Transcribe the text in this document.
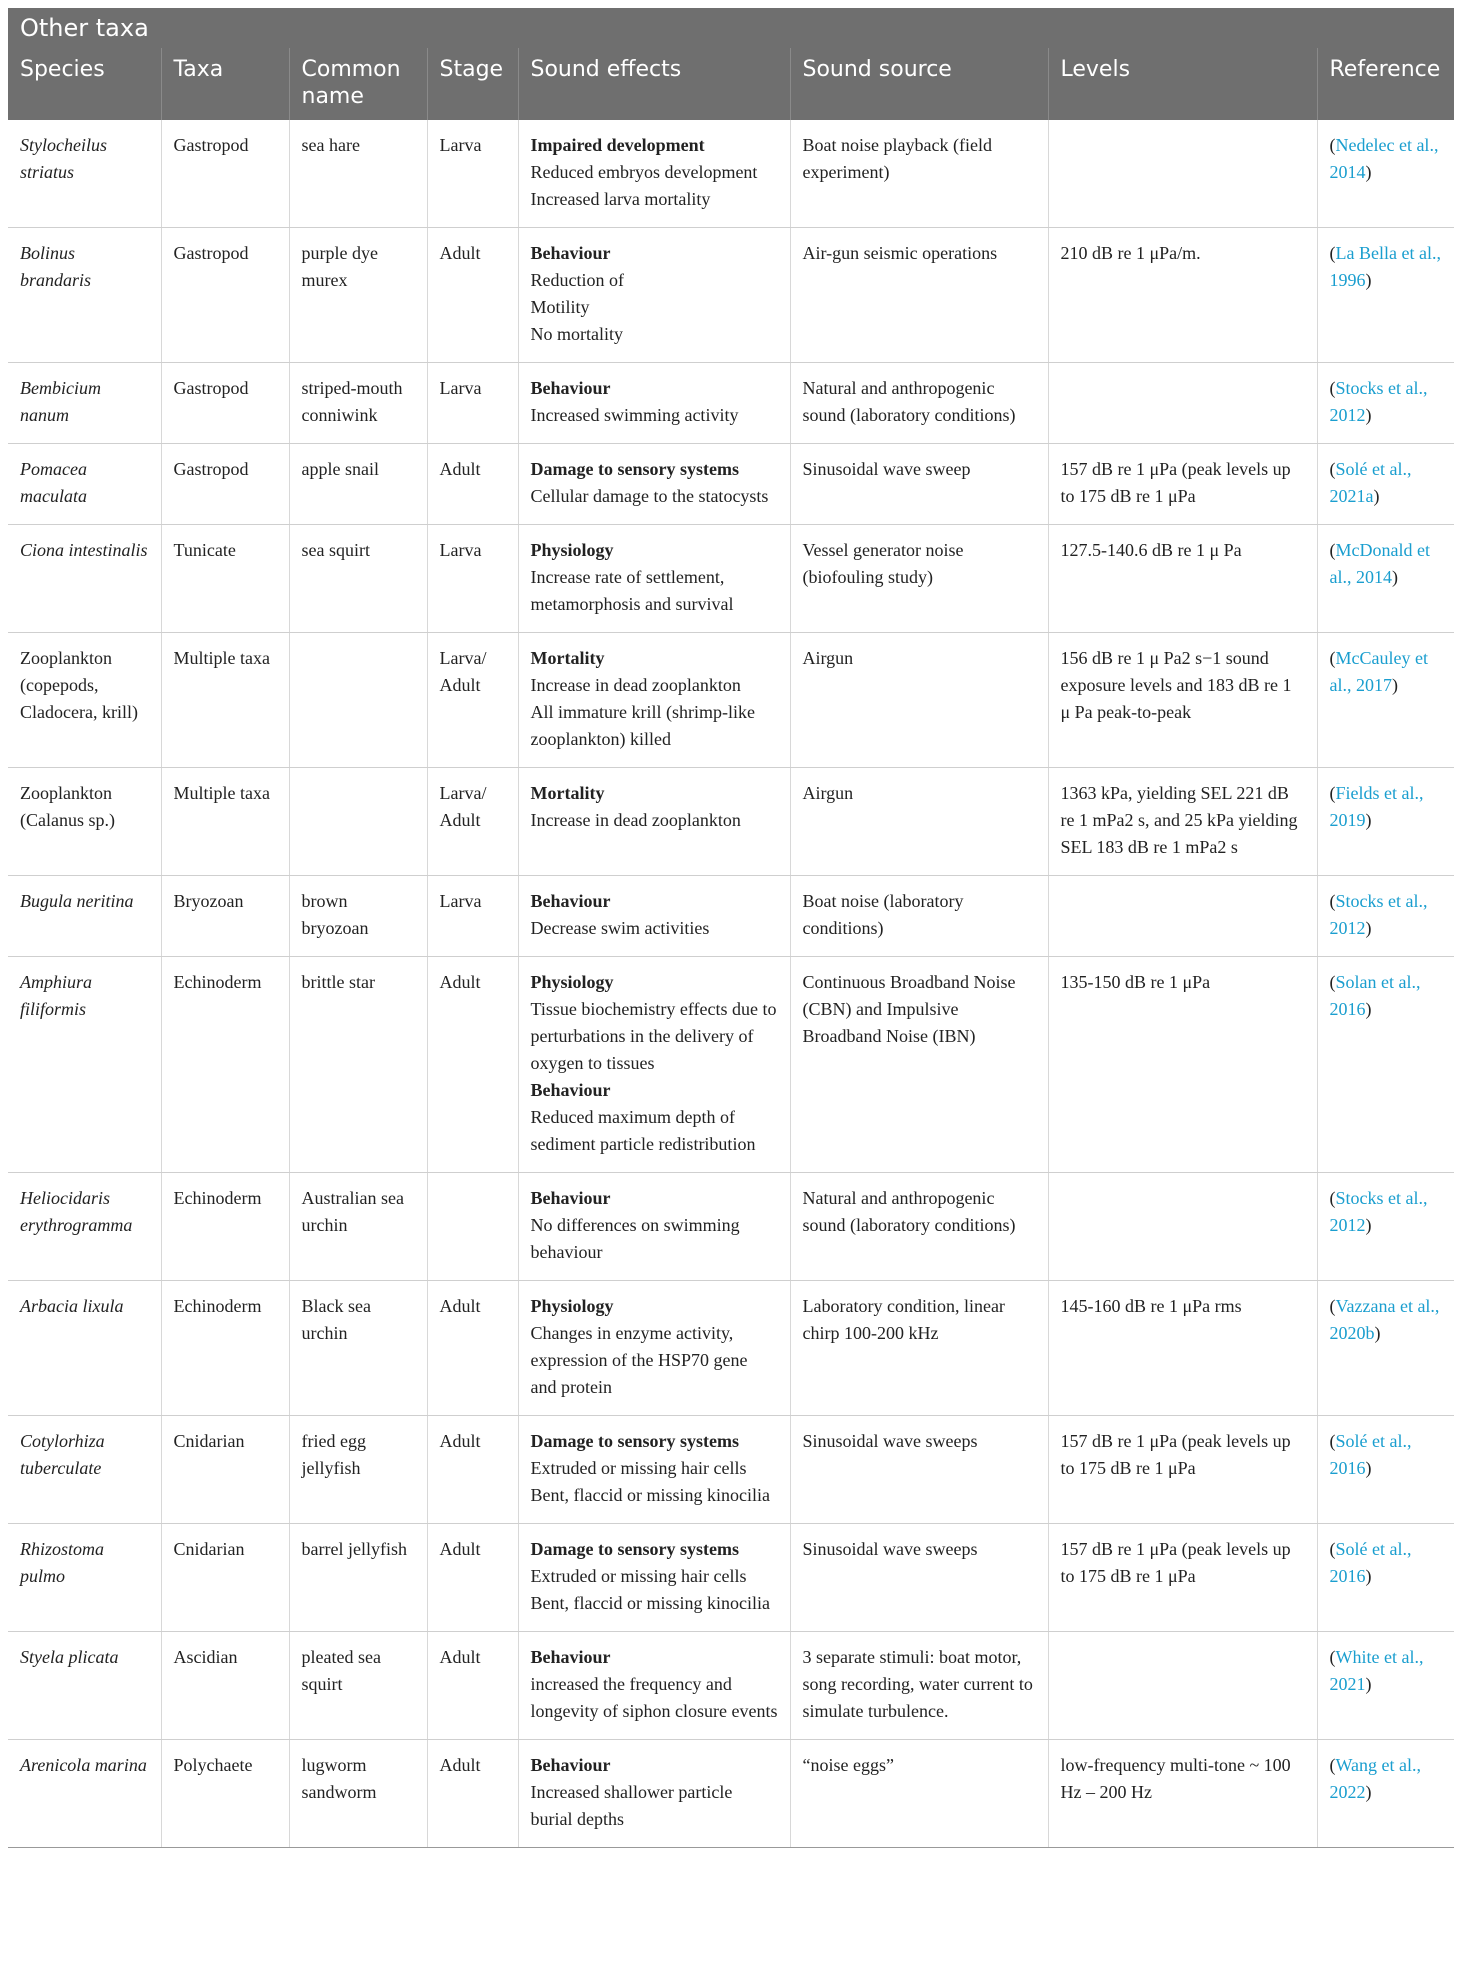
Other taxa							
Species	Taxa	Common name	Stage	Sound effects	Sound source	Levels	Reference
Stylocheilus striatus	Gastropod	sea hare	Larva	Impaired development
Reduced embryos development
Increased larva mortality	Boat noise playback (field experiment)		(Nedelec et al., 2014)
Bolinus brandaris	Gastropod	purple dye murex	Adult	Behaviour
Reduction of
Motility
No mortality	Air-gun seismic operations	210 dB re 1 μPa/m.	(La Bella et al., 1996)
Bembicium nanum	Gastropod	striped-mouth conniwink	Larva	Behaviour
Increased swimming activity	Natural and anthropogenic sound (laboratory conditions)		(Stocks et al., 2012)
Pomacea maculata	Gastropod	apple snail	Adult	Damage to sensory systems
Cellular damage to the statocysts	Sinusoidal wave sweep	157 dB re 1 μPa (peak levels up to 175 dB re 1 μPa	(Solé et al., 2021a)
Ciona intestinalis	Tunicate	sea squirt	Larva	Physiology
Increase rate of settlement, metamorphosis and survival	Vessel generator noise (biofouling study)	127.5-140.6 dB re 1 μ Pa	(McDonald et al., 2014)
Zooplankton (copepods, Cladocera, krill)	Multiple taxa		Larva/ Adult	Mortality
Increase in dead zooplankton
All immature krill (shrimp-like zooplankton) killed	Airgun	156 dB re 1 μ Pa2 s−1 sound exposure levels and 183 dB re 1 μ Pa peak-to-peak	(McCauley et al., 2017)
Zooplankton (Calanus sp.)	Multiple taxa		Larva/ Adult	Mortality
Increase in dead zooplankton	Airgun	1363 kPa, yielding SEL 221 dB re 1 mPa2 s, and 25 kPa yielding SEL 183 dB re 1 mPa2 s	(Fields et al., 2019)
Bugula neritina	Bryozoan	brown bryozoan	Larva	Behaviour
Decrease swim activities	Boat noise (laboratory conditions)		(Stocks et al., 2012)
Amphiura filiformis	Echinoderm	brittle star	Adult	Physiology
Tissue biochemistry effects due to perturbations in the delivery of oxygen to tissues
Behaviour
Reduced maximum depth of sediment particle redistribution	Continuous Broadband Noise (CBN) and Impulsive Broadband Noise (IBN)	135-150 dB re 1 μPa	(Solan et al., 2016)
Heliocidaris erythrogramma	Echinoderm	Australian sea urchin		Behaviour
No differences on swimming behaviour	Natural and anthropogenic sound (laboratory conditions)		(Stocks et al., 2012)
Arbacia lixula	Echinoderm	Black sea urchin	Adult	Physiology
Changes in enzyme activity, expression of the HSP70 gene and protein	Laboratory condition, linear chirp 100-200 kHz	145-160 dB re 1 μPa rms	(Vazzana et al., 2020b)
Cotylorhiza tuberculate	Cnidarian	fried egg jellyfish	Adult	Damage to sensory systems
Extruded or missing hair cells
Bent, flaccid or missing kinocilia	Sinusoidal wave sweeps	157 dB re 1 μPa (peak levels up to 175 dB re 1 μPa	(Solé et al., 2016)
Rhizostoma pulmo	Cnidarian	barrel jellyfish	Adult	Damage to sensory systems
Extruded or missing hair cells
Bent, flaccid or missing kinocilia	Sinusoidal wave sweeps	157 dB re 1 μPa (peak levels up to 175 dB re 1 μPa	(Solé et al., 2016)
Styela plicata	Ascidian	pleated sea squirt	Adult	Behaviour
increased the frequency and longevity of siphon closure events	3 separate stimuli: boat motor, song recording, water current to simulate turbulence.		(White et al., 2021)
Arenicola marina	Polychaete	lugworm sandworm	Adult	Behaviour
Increased shallower particle burial depths	“noise eggs”	low-frequency multi-tone ~ 100 Hz – 200 Hz	(Wang et al., 2022)
